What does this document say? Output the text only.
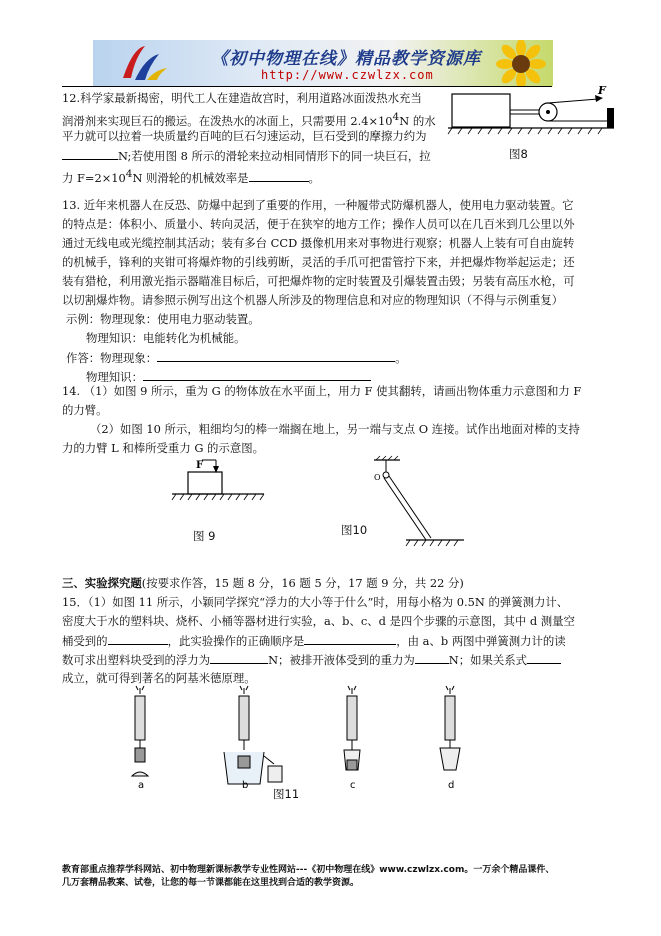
《初中物理在线》精品教学资源库
http://www.czwlzx.com
12.科学家最新揭密，明代工人在建造故宫时，利用道路冰面泼热水充当
润滑剂来实现巨石的搬运。在泼热水的冰面上，只需要用 $2.4\times 10^4N$ 的水
平力就可以拉着一块质量约百吨的巨石匀速运动，巨石受到的摩擦力约为
N;若使用图 8 所示的滑轮来拉动相同情形下的同一块巨石，拉
力 $F=2\times 10^4N$ 则滑轮的机械效率是	。
F
图8
13. 近年来机器人在反恐、防爆中起到了重要的作用，一种履带式防爆机器人，使用电力驱动装置。它
的特点是：体积小、质量小、转向灵活，便于在狭窄的地方工作；操作人员可以在几百米到几公里以外
通过无线电或光缆控制其活动；装有多台 CCD 摄像机用来对事物进行观察；机器人上装有可自由旋转
的机械手，锋利的夹钳可将爆炸物的引线剪断，灵活的手爪可把雷管拧下来，并把爆炸物举起运走；还
装有猎枪，利用激光指示器瞄准目标后，可把爆炸物的定时装置及引爆装置击毁；另装有高压水枪，可
以切割爆炸物。请参照示例写出这个机器人所涉及的物理信息和对应的物理知识（不得与示例重复）
示例：物理现象：使用电力驱动装置。
物理知识：电能转化为机械能。
作答：物理现象：	。
物理知识：
14. （1）如图 9 所示，重为 G 的物体放在水平面上，用力 F 使其翻转，请画出物体重力示意图和力 F
的力臂。
（2）如图 10 所示，粗细均匀的棒一端搁在地上，另一端与支点 O 连接。试作出地面对棒的支持
力的力臂 L 和棒所受重力 G 的示意图。
F
图 9
O
图10
三、实验探究题(按要求作答，15 题 8 分，16 题 5 分，17 题 9 分，共 22 分)
15．（1）如图 11 所示，小颖同学探究“浮力的大小等于什么”时，用每小格为 0.5N 的弹簧测力计、
密度大于水的塑料块、烧杯、小桶等器材进行实验，a、b、c、d 是四个步骤的示意图，其中 d 测量空
桶受到的	，此实验操作的正确顺序是	，由 a、b 两图中弹簧测力计的读
数可求出塑料块受到的浮力为	N；被排开液体受到的重力为	N；如果关系式
成立，就可得到著名的阿基米德原理。
a	b	c	d
图11
教育部重点推荐学科网站、初中物理新课标教学专业性网站---《初中物理在线》www.czwlzx.com。一万余个精品课件、
几万套精品教案、试卷，让您的每一节课都能在这里找到合适的教学资源。
